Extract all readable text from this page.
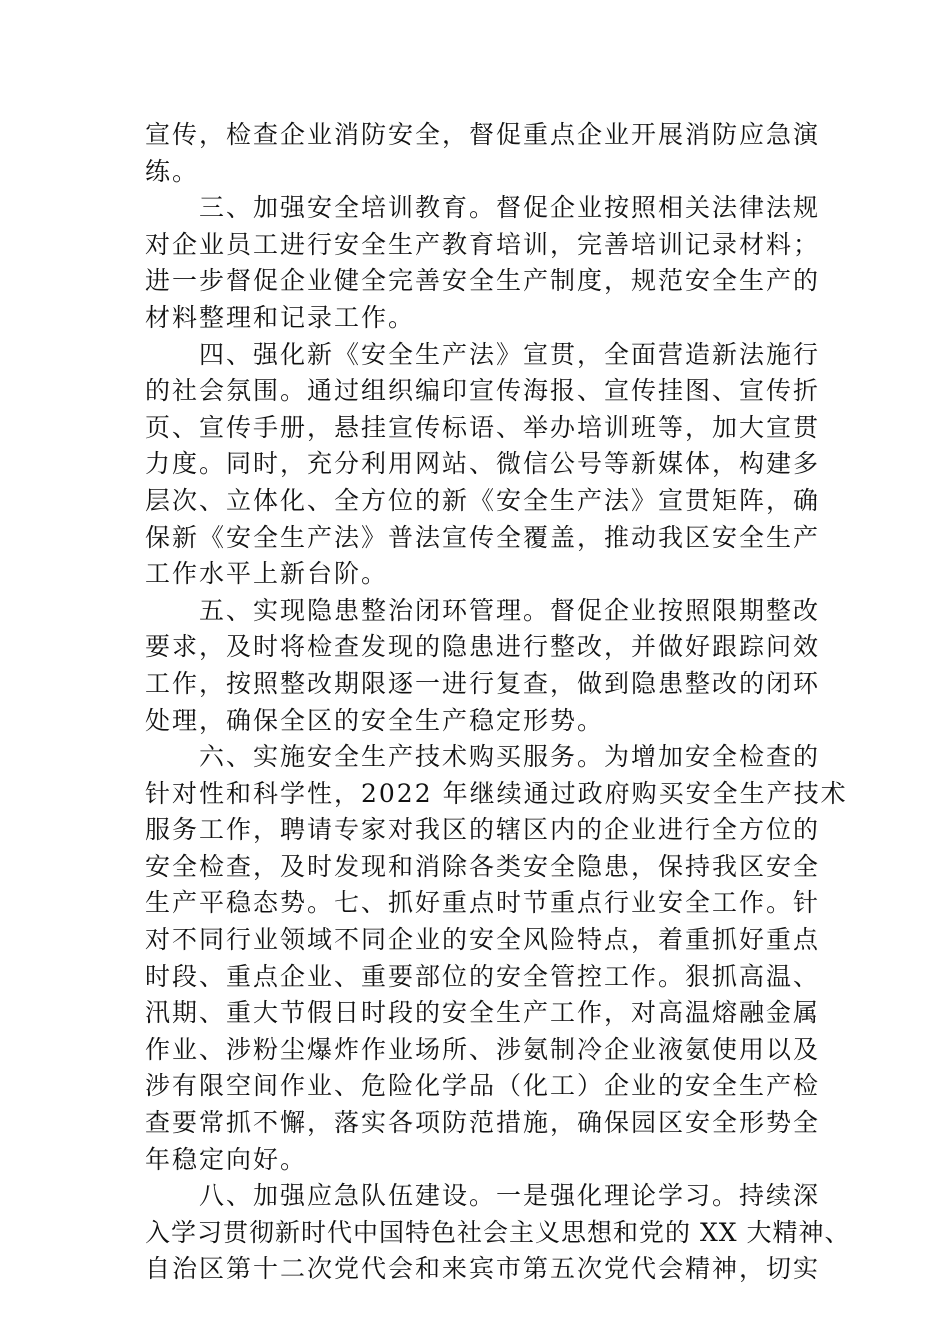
宣传，检查企业消防安全，督促重点企业开展消防应急演
练。
三、加强安全培训教育。督促企业按照相关法律法规
对企业员工进行安全生产教育培训，完善培训记录材料；
进一步督促企业健全完善安全生产制度，规范安全生产的
材料整理和记录工作。
四、强化新《安全生产法》宣贯，全面营造新法施行
的社会氛围。通过组织编印宣传海报、宣传挂图、宣传折
页、宣传手册，悬挂宣传标语、举办培训班等，加大宣贯
力度。同时，充分利用网站、微信公号等新媒体，构建多
层次、立体化、全方位的新《安全生产法》宣贯矩阵，确
保新《安全生产法》普法宣传全覆盖，推动我区安全生产
工作水平上新台阶。
五、实现隐患整治闭环管理。督促企业按照限期整改
要求，及时将检查发现的隐患进行整改，并做好跟踪问效
工作，按照整改期限逐一进行复查，做到隐患整改的闭环
处理，确保全区的安全生产稳定形势。
六、实施安全生产技术购买服务。为增加安全检查的
针对性和科学性，2022 年继续通过政府购买安全生产技术
服务工作，聘请专家对我区的辖区内的企业进行全方位的
安全检查，及时发现和消除各类安全隐患，保持我区安全
生产平稳态势。七、抓好重点时节重点行业安全工作。针
对不同行业领域不同企业的安全风险特点，着重抓好重点
时段、重点企业、重要部位的安全管控工作。狠抓高温、
汛期、重大节假日时段的安全生产工作，对高温熔融金属
作业、涉粉尘爆炸作业场所、涉氨制冷企业液氨使用以及
涉有限空间作业、危险化学品（化工）企业的安全生产检
查要常抓不懈，落实各项防范措施，确保园区安全形势全
年稳定向好。
八、加强应急队伍建设。一是强化理论学习。持续深
入学习贯彻新时代中国特色社会主义思想和党的 XX 大精神、
自治区第十二次党代会和来宾市第五次党代会精神，切实
